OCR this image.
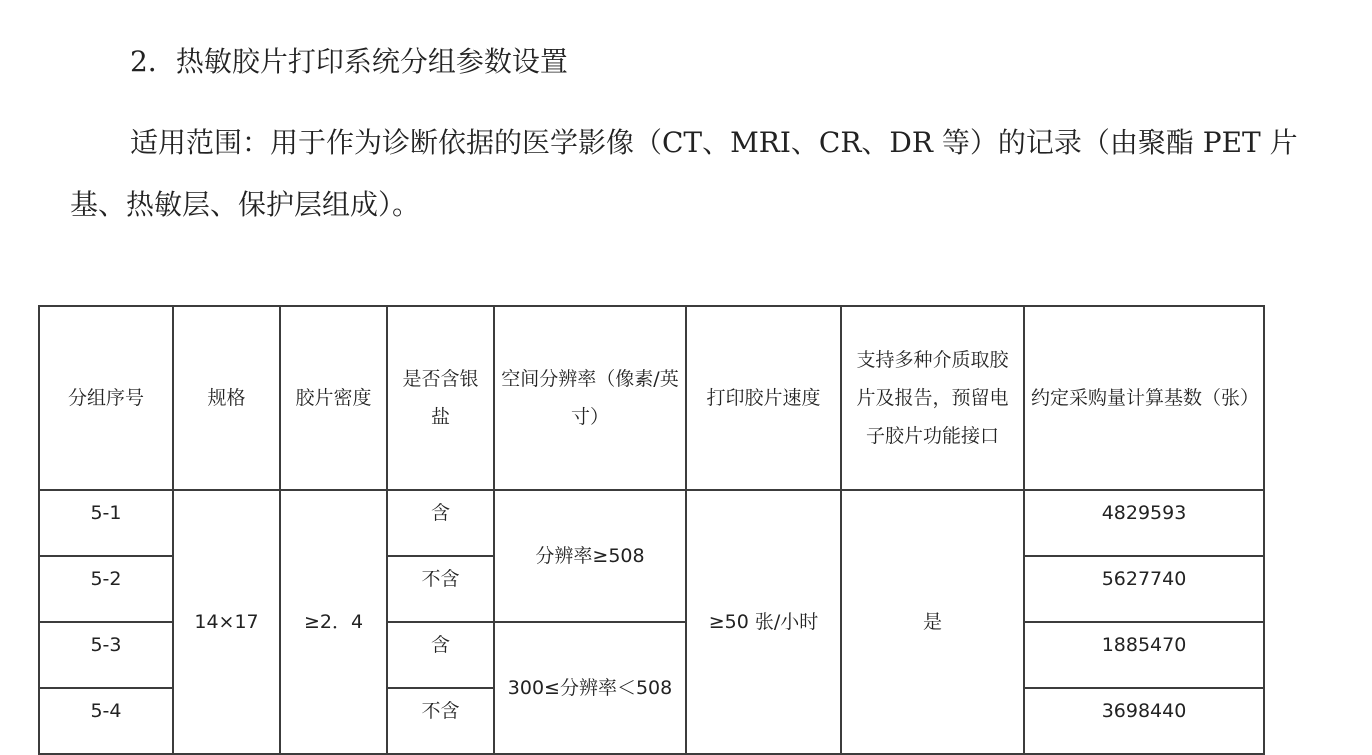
2．热敏胶片打印系统分组参数设置
适用范围：用于作为诊断依据的医学影像（CT、MRI、CR、DR 等）的记录（由聚酯 PET 片基、热敏层、保护层组成）。
分组序号	规格	胶片密度	是否含银盐	空间分辨率（像素/英寸）	打印胶片速度	支持多种介质取胶片及报告，预留电子胶片功能接口	约定采购量计算基数（张）
5-1	14×17	≥2．4	含	分辨率≥508	≥50 张/小时	是	4829593
5-2			不含				5627740
5-3			含	300≤分辨率＜508			1885470
5-4			不含				3698440
